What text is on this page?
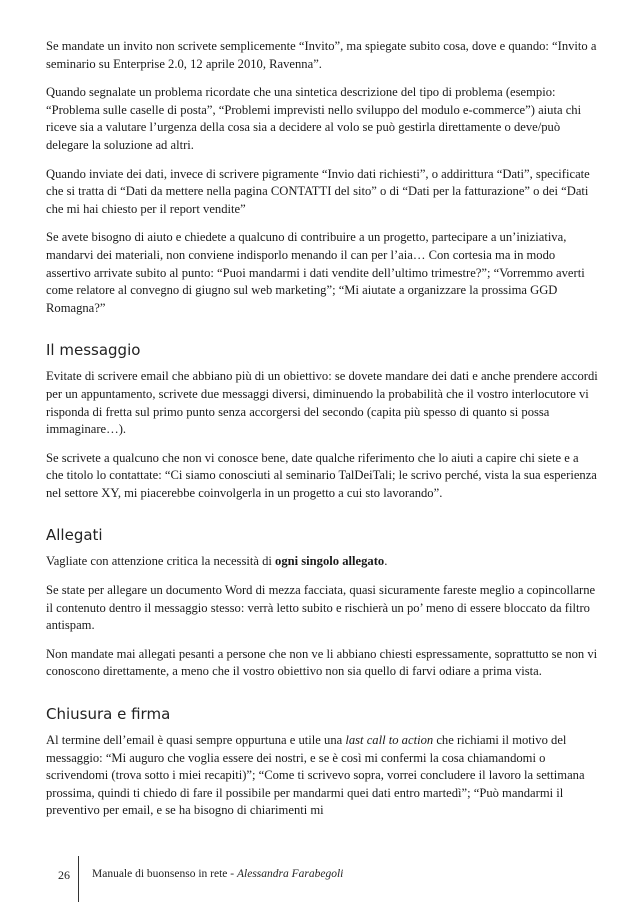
Se mandate un invito non scrivete semplicemente “Invito”, ma spiegate subito cosa, dove e quando: “Invito a seminario su Enterprise 2.0, 12 aprile 2010, Ravenna”.

Quando segnalate un problema ricordate che una sintetica descrizione del tipo di problema (esempio: “Problema sulle caselle di posta”, “Problemi imprevisti nello sviluppo del modulo e-commerce”) aiuta chi riceve sia a valutare l’urgenza della cosa sia a decidere al volo se può gestirla direttamente o deve/può delegare la soluzione ad altri.

Quando inviate dei dati, invece di scrivere pigramente “Invio dati richiesti”, o addirittura “Dati”, specificate che si tratta di “Dati da mettere nella pagina CONTATTI del sito” o di “Dati per la fatturazione” o dei “Dati che mi hai chiesto per il report vendite”

Se avete bisogno di aiuto e chiedete a qualcuno di contribuire a un progetto, partecipare a un’iniziativa, mandarvi dei materiali, non conviene indisporlo menando il can per l’aia… Con cortesia ma in modo assertivo arrivate subito al punto: “Puoi mandarmi i dati vendite dell’ultimo trimestre?”; “Vorremmo averti come relatore al convegno di giugno sul web marketing”; “Mi aiutate a organizzare la prossima GGD Romagna?”

Il messaggio

Evitate di scrivere email che abbiano più di un obiettivo: se dovete mandare dei dati e anche prendere accordi per un appuntamento, scrivete due messaggi diversi, diminuendo la probabilità che il vostro interlocutore vi risponda di fretta sul primo punto senza accorgersi del secondo (capita più spesso di quanto si possa immaginare…).

Se scrivete a qualcuno che non vi conosce bene, date qualche riferimento che lo aiuti a capire chi siete e a che titolo lo contattate: “Ci siamo conosciuti al seminario TalDeiTali; le scrivo perché, vista la sua esperienza nel settore XY, mi piacerebbe coinvolgerla in un progetto a cui sto lavorando”.

Allegati

Vagliate con attenzione critica la necessità di ogni singolo allegato.

Se state per allegare un documento Word di mezza facciata, quasi sicuramente fareste meglio a copincollarne il contenuto dentro il messaggio stesso: verrà letto subito e rischierà un po’ meno di essere bloccato da filtro antispam.

Non mandate mai allegati pesanti a persone che non ve li abbiano chiesti espressamente, soprattutto se non vi conoscono direttamente, a meno che il vostro obiettivo non sia quello di farvi odiare a prima vista.

Chiusura e firma

Al termine dell’email è quasi sempre oppurtuna e utile una last call to action che richiami il motivo del messaggio: “Mi auguro che voglia essere dei nostri, e se è così mi confermi la cosa chiamandomi o scrivendomi (trova sotto i miei recapiti)”; “Come ti scrivevo sopra, vorrei concludere il lavoro la settimana prossima, quindi ti chiedo di fare il possibile per mandarmi quei dati entro martedì”; “Può mandarmi il preventivo per email, e se ha bisogno di chiarimenti mi

26 Manuale di buonsenso in rete - Alessandra Farabegoli
